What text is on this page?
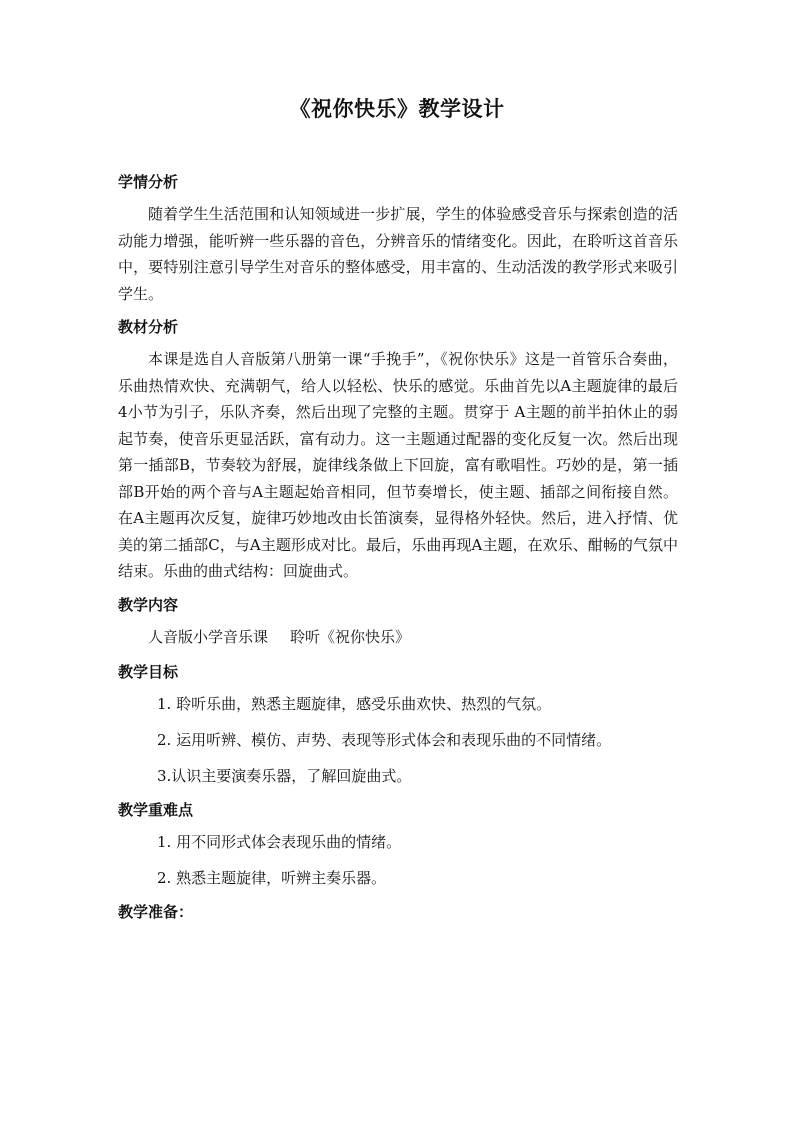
《祝你快乐》教学设计
学情分析

随着学生生活范围和认知领域进一步扩展，学生的体验感受音乐与探索创造的活动能力增强，能听辨一些乐器的音色，分辨音乐的情绪变化。因此，在聆听这首音乐中，要特别注意引导学生对音乐的整体感受，用丰富的、生动活泼的教学形式来吸引学生。

教材分析

本课是选自人音版第八册第一课“手挽手”，《祝你快乐》这是一首管乐合奏曲，乐曲热情欢快、充满朝气，给人以轻松、快乐的感觉。乐曲首先以A主题旋律的最后4小节为引子，乐队齐奏，然后出现了完整的主题。贯穿于 A主题的前半拍休止的弱起节奏，使音乐更显活跃，富有动力。这一主题通过配器的变化反复一次。然后出现第一插部B，节奏较为舒展，旋律线条做上下回旋，富有歌唱性。巧妙的是，第一插部B开始的两个音与A主题起始音相同，但节奏增长，使主题、插部之间衔接自然。在A主题再次反复，旋律巧妙地改由长笛演奏，显得格外轻快。然后，进入抒情、优美的第二插部C，与A主题形成对比。最后，乐曲再现A主题，在欢乐、酣畅的气氛中结束。乐曲的曲式结构：回旋曲式。

教学内容

人音版小学音乐课 聆听《祝你快乐》

教学目标

1. 聆听乐曲，熟悉主题旋律，感受乐曲欢快、热烈的气氛。

2. 运用听辨、模仿、声势、表现等形式体会和表现乐曲的不同情绪。

3.认识主要演奏乐器，了解回旋曲式。

教学重难点

1. 用不同形式体会表现乐曲的情绪。

2. 熟悉主题旋律，听辨主奏乐器。

教学准备：
